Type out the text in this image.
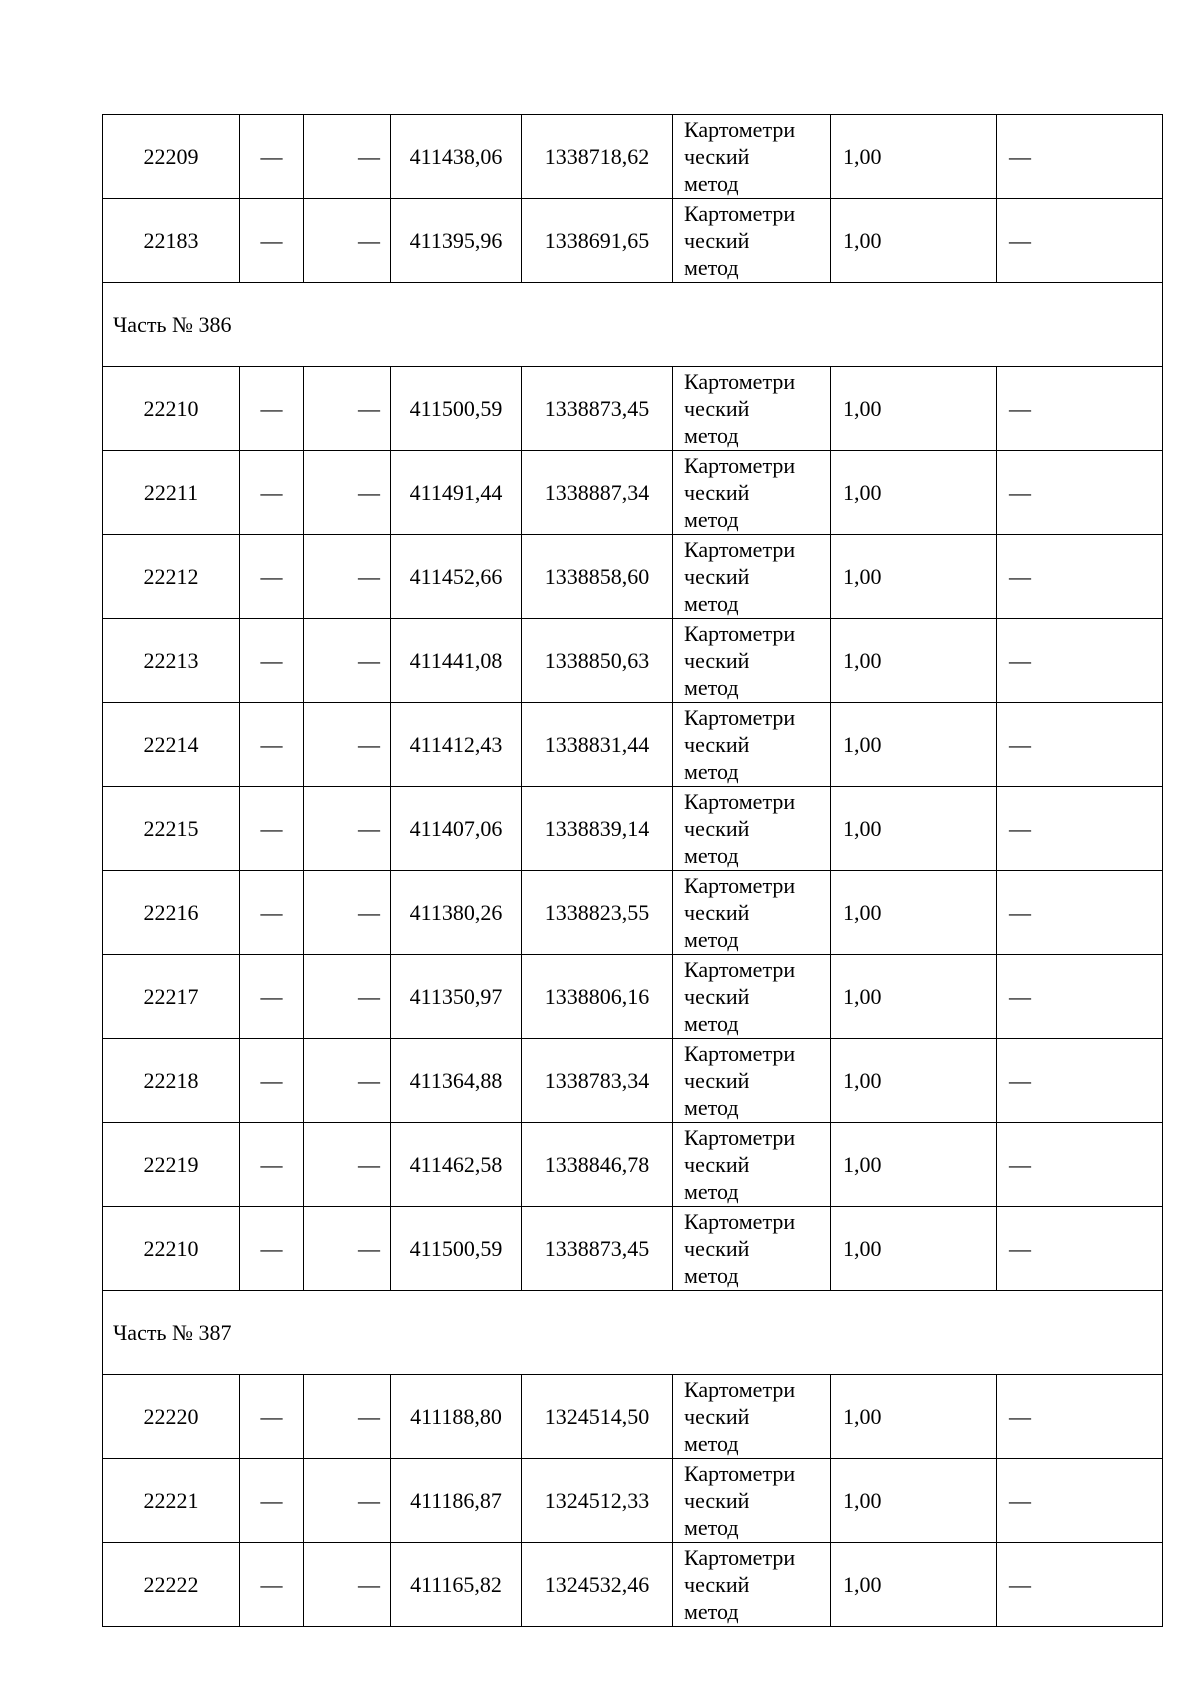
22209	—	—	411438,06	1338718,62	Картометри
ческий
метод	1,00	—
22183	—	—	411395,96	1338691,65	Картометри
ческий
метод	1,00	—
Часть № 386							
22210	—	—	411500,59	1338873,45	Картометри
ческий
метод	1,00	—
22211	—	—	411491,44	1338887,34	Картометри
ческий
метод	1,00	—
22212	—	—	411452,66	1338858,60	Картометри
ческий
метод	1,00	—
22213	—	—	411441,08	1338850,63	Картометри
ческий
метод	1,00	—
22214	—	—	411412,43	1338831,44	Картометри
ческий
метод	1,00	—
22215	—	—	411407,06	1338839,14	Картометри
ческий
метод	1,00	—
22216	—	—	411380,26	1338823,55	Картометри
ческий
метод	1,00	—
22217	—	—	411350,97	1338806,16	Картометри
ческий
метод	1,00	—
22218	—	—	411364,88	1338783,34	Картометри
ческий
метод	1,00	—
22219	—	—	411462,58	1338846,78	Картометри
ческий
метод	1,00	—
22210	—	—	411500,59	1338873,45	Картометри
ческий
метод	1,00	—
Часть № 387							
22220	—	—	411188,80	1324514,50	Картометри
ческий
метод	1,00	—
22221	—	—	411186,87	1324512,33	Картометри
ческий
метод	1,00	—
22222	—	—	411165,82	1324532,46	Картометри
ческий
метод	1,00	—
